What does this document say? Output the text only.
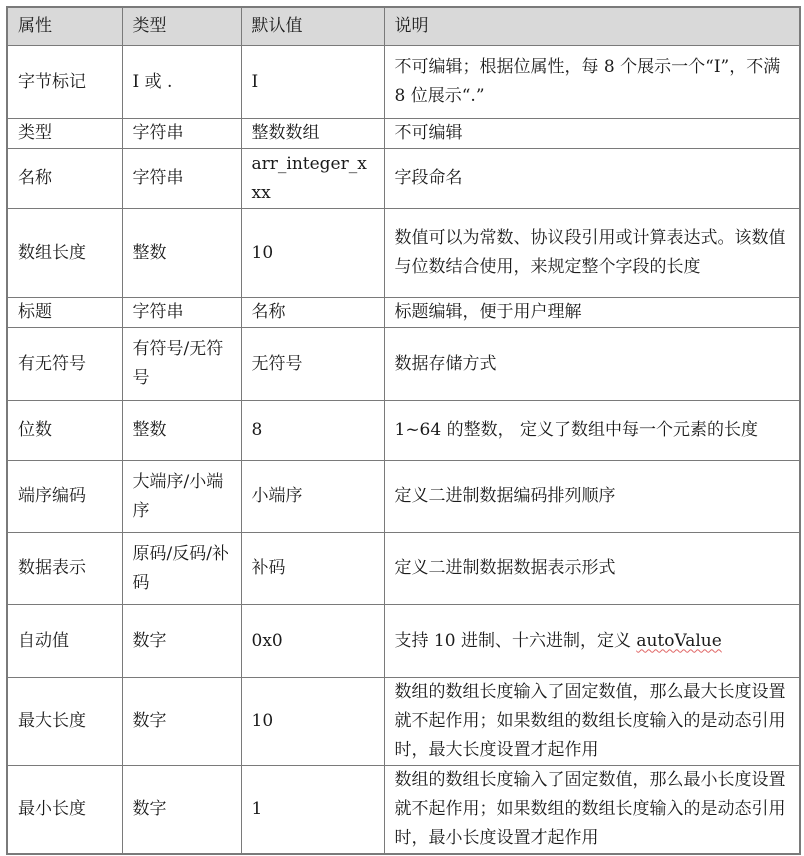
属性	类型	默认值	说明
字节标记	I 或 .	I	不可编辑；根据位属性，每 8 个展示一个“I”，不满 8 位展示“.”
类型	字符串	整数数组	不可编辑
名称	字符串	arr_integer_xxx	字段命名
数组长度	整数	10	数值可以为常数、协议段引用或计算表达式。该数值与位数结合使用，来规定整个字段的长度
标题	字符串	名称	标题编辑，便于用户理解
有无符号	有符号/无符号	无符号	数据存储方式
位数	整数	8	1~64 的整数， 定义了数组中每一个元素的长度
端序编码	大端序/小端序	小端序	定义二进制数据编码排列顺序
数据表示	原码/反码/补码	补码	定义二进制数据数据表示形式
自动值	数字	0x0	支持 10 进制、十六进制，定义 autoValue
最大长度	数字	10	数组的数组长度输入了固定数值，那么最大长度设置就不起作用；如果数组的数组长度输入的是动态引用时，最大长度设置才起作用
最小长度	数字	1	数组的数组长度输入了固定数值，那么最小长度设置就不起作用；如果数组的数组长度输入的是动态引用时，最小长度设置才起作用
